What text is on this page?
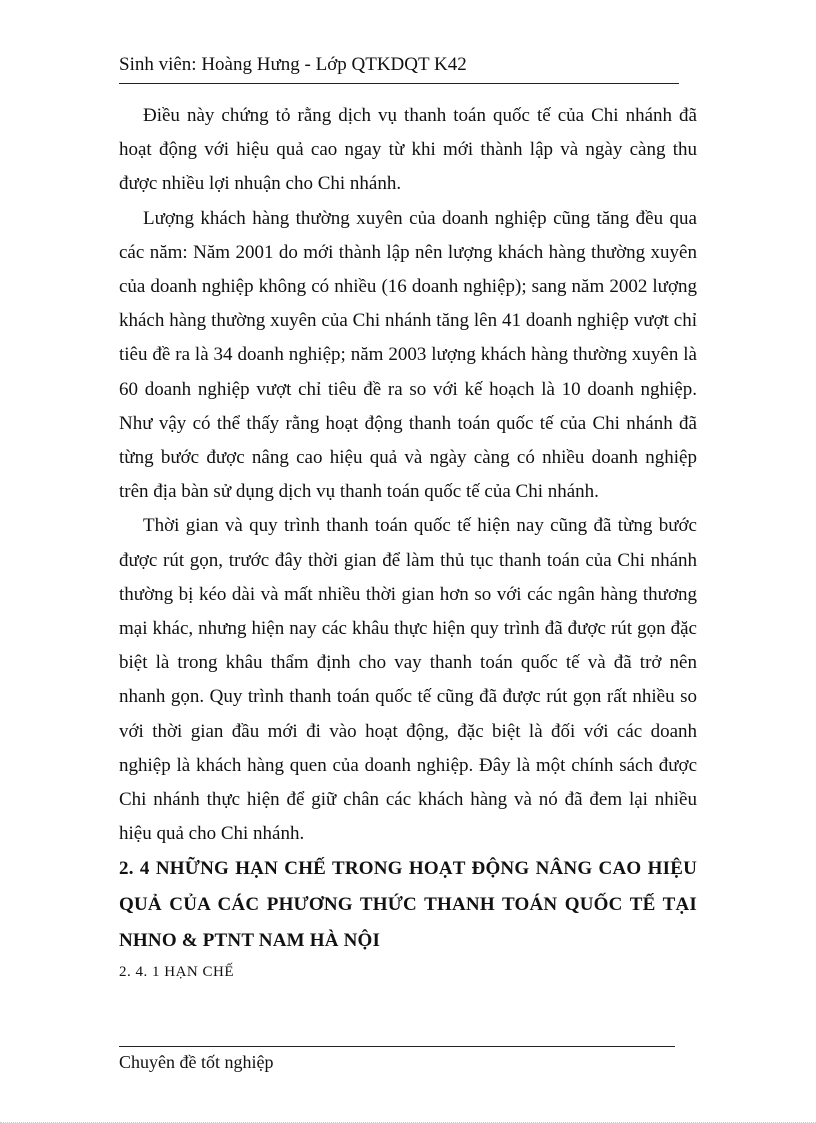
Sinh viên: Hoàng Hưng - Lớp QTKDQT K42

Điều này chứng tỏ rằng dịch vụ thanh toán quốc tế của Chi nhánh đã hoạt động với hiệu quả cao ngay từ khi mới thành lập và ngày càng thu được nhiều lợi nhuận cho Chi nhánh.

Lượng khách hàng thường xuyên của doanh nghiệp cũng tăng đều qua các năm: Năm 2001 do mới thành lập nên lượng khách hàng thường xuyên của doanh nghiệp không có nhiều (16 doanh nghiệp); sang năm 2002 lượng khách hàng thường xuyên của Chi nhánh tăng lên 41 doanh nghiệp vượt chỉ tiêu đề ra là 34 doanh nghiệp; năm 2003 lượng khách hàng thường xuyên là 60 doanh nghiệp vượt chỉ tiêu đề ra so với kế hoạch là 10 doanh nghiệp. Như vậy có thể thấy rằng hoạt động thanh toán quốc tế của Chi nhánh đã từng bước được nâng cao hiệu quả và ngày càng có nhiều doanh nghiệp trên địa bàn sử dụng dịch vụ thanh toán quốc tế của Chi nhánh.

Thời gian và quy trình thanh toán quốc tế hiện nay cũng đã từng bước được rút gọn, trước đây thời gian để làm thủ tục thanh toán của Chi nhánh thường bị kéo dài và mất nhiều thời gian hơn so với các ngân hàng thương mại khác, nhưng hiện nay các khâu thực hiện quy trình đã được rút gọn đặc biệt là trong khâu thẩm định cho vay thanh toán quốc tế và đã trở nên nhanh gọn. Quy trình thanh toán quốc tế cũng đã được rút gọn rất nhiều so với thời gian đầu mới đi vào hoạt động, đặc biệt là đối với các doanh nghiệp là khách hàng quen của doanh nghiệp. Đây là một chính sách được Chi nhánh thực hiện để giữ chân các khách hàng và nó đã đem lại nhiều hiệu quả cho Chi nhánh.

2. 4 NHỮNG HẠN CHẾ TRONG HOẠT ĐỘNG NÂNG CAO HIỆU QUẢ CỦA CÁC PHƯƠNG THỨC THANH TOÁN QUỐC TẾ TẠI NHNO & PTNT NAM HÀ NỘI

2. 4. 1 HẠN CHẾ

Chuyên đề tốt nghiệp
